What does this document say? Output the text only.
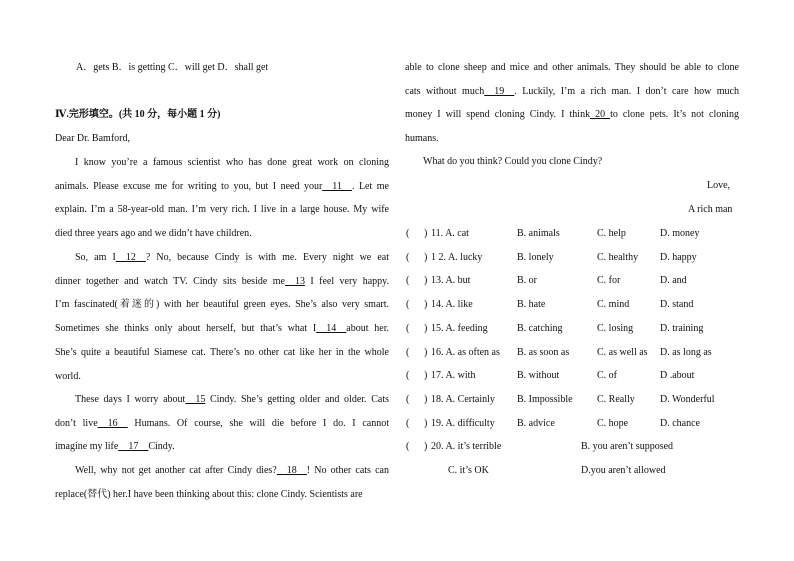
A．gets B．is getting C．will get D．shall get
Ⅳ.完形填空。(共 10 分，每小题 1 分)
Dear Dr. Bamford,
I know you’re a famous scientist who has done great work on cloning
animals. Please excuse me for writing to you, but I need your__11__. Let me
explain. I’m a 58-year-old man. I’m very rich. I live in a large house. My wife
died three years ago and we didn’t have children.
So, am I__12__? No, because Cindy is with me. Every night we eat
dinner together and watch TV. Cindy sits beside me__13 I feel very happy.
I’m fascinated(着迷的) with her beautiful green eyes. She’s also very smart.
Sometimes she thinks only about herself, but that’s what I__14__about her.
She’s quite a beautiful Siamese cat. There’s no other cat like her in the whole
world.
These days I worry about__15 Cindy. She’s getting older and older. Cats
don’t live__16__ Humans. Of course, she will die before I do. I cannot
imagine my life__17__Cindy.
Well, why not get another cat after Cindy dies?__18__! No other cats can
replace(替代) her.I have been thinking about this: clone Cindy. Scientists are
able to clone sheep and mice and other animals. They should be able to clone
cats without much__19__. Luckily, I’m a rich man. I don’t care how much
money I will spend cloning Cindy. I think_20_to clone pets. It’s not cloning
humans.
What do you think? Could you clone Cindy?
Love,
A rich man
( ) 11. A. cat	B. animals	C. help	D. money
( ) 1 2. A. lucky	B. lonely	C. healthy D. happy
( ) 13. A. but	B. or	C. for	D. and
( ) 14. A. like	B. hate	C. mind	D. stand
( ) 15. A. feeding	B. catching	C. losing	D. training
( ) 16. A. as often as B. as soon as	C. as well as D. as long as
( ) 17. A. with	B. without	C. of	D .about
( ) 18. A. Certainly B. Impossible C. Really	D. Wonderful
( ) 19. A. difficulty B. advice	C. hope	D. chance
( ) 20. A. it’s terrible	B. you aren’t supposed
C. it’s OK	D.you aren’t allowed
